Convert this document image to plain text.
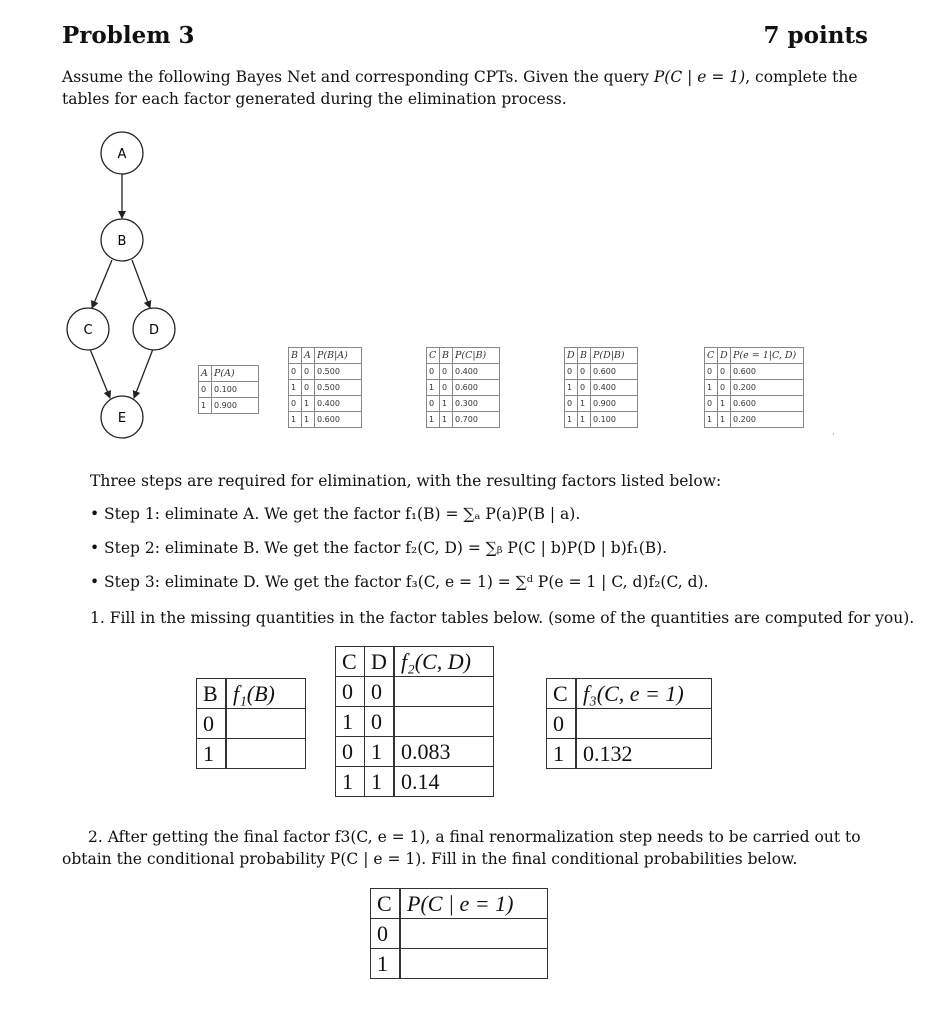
Problem 3	7 points
Assume the following Bayes Net and corresponding CPTs. Given the query P(C | e = 1), complete the tables for each factor generated during the elimination process.
A
B
C	D
E
A	P(A)
0	0.100
1	0.900
B	A	P(B|A)
0	0	0.500
1	0	0.500
0	1	0.400
1	1	0.600
C	B	P(C|B)
0	0	0.400
1	0	0.600
0	1	0.300
1	1	0.700
D	B	P(D|B)
0	0	0.600
1	0	0.400
0	1	0.900
1	1	0.100
C	D	P(e = 1|C, D)
0	0	0.600
1	0	0.200
0	1	0.600
1	1	0.200
‘
Three steps are required for elimination, with the resulting factors listed below:
• Step 1: eliminate A. We get the factor f₁(B) = ∑ₐ P(a)P(B | a).
• Step 2: eliminate B. We get the factor f₂(C, D) = ∑ᵦ P(C | b)P(D | b)f₁(B).
• Step 3: eliminate D. We get the factor f₃(C, e = 1) = ∑ᵈ P(e = 1 | C, d)f₂(C, d).
1. Fill in the missing quantities in the factor tables below. (some of the quantities are computed for you).
B	f₁(B)
0	
1	
C	D	f₂(C, D)
0	0	
1	0	
0	1	0.083
1	1	0.14
C	f₃(C, e = 1)
0	
1	0.132
2. After getting the final factor f3(C, e = 1), a final renormalization step needs to be carried out to obtain the conditional probability P(C | e = 1). Fill in the final conditional probabilities below.
C	P(C | e = 1)
0	
1	
